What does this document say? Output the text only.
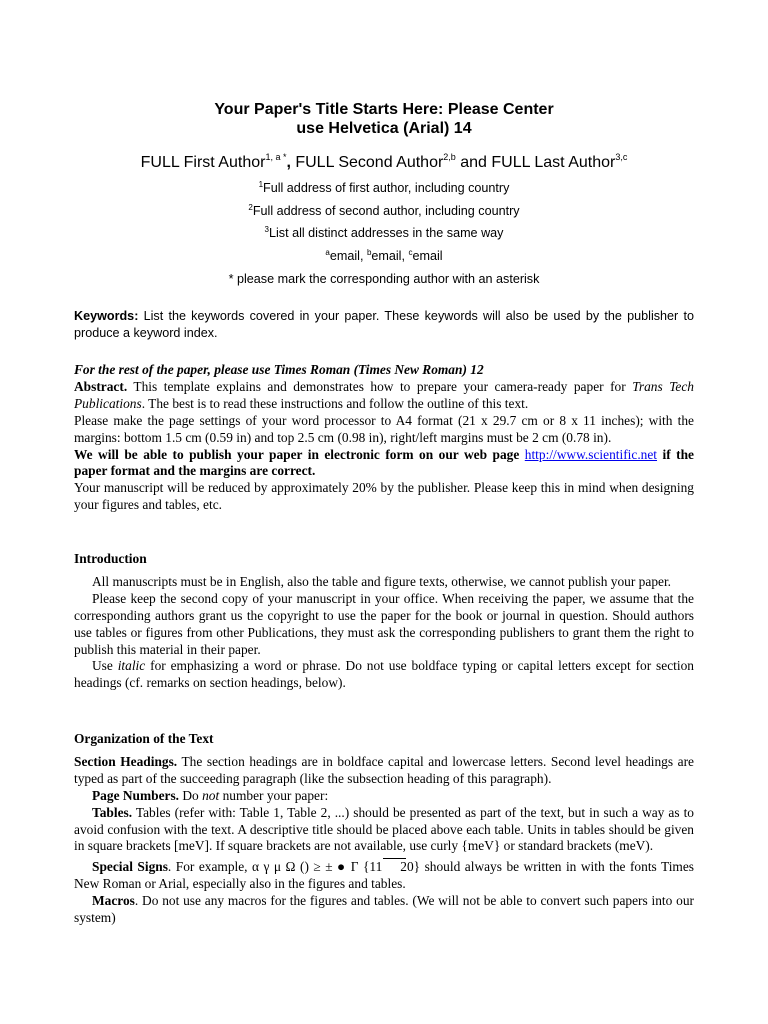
Your Paper's Title Starts Here: Please Center
use Helvetica (Arial) 14
FULL First Author$^{1, a *}$, FULL Second Author$^{2,b}$ and FULL Last Author$^{3,c}$
$^1$Full address of first author, including country
$^2$Full address of second author, including country
$^3$List all distinct addresses in the same way
$^a$email, $^b$email, $^c$email
* please mark the corresponding author with an asterisk
Keywords: List the keywords covered in your paper. These keywords will also be used by the publisher to produce a keyword index.
For the rest of the paper, please use Times Roman (Times New Roman) 12
Abstract. This template explains and demonstrates how to prepare your camera-ready paper for Trans Tech Publications. The best is to read these instructions and follow the outline of this text.
Please make the page settings of your word processor to A4 format (21 x 29.7 cm or 8 x 11 inches); with the margins: bottom 1.5 cm (0.59 in) and top 2.5 cm (0.98 in), right/left margins must be 2 cm (0.78 in).
We will be able to publish your paper in electronic form on our web page http://www.scientific.net if the paper format and the margins are correct.
Your manuscript will be reduced by approximately 20% by the publisher. Please keep this in mind when designing your figures and tables, etc.
Introduction
All manuscripts must be in English, also the table and figure texts, otherwise, we cannot publish your paper.
Please keep the second copy of your manuscript in your office. When receiving the paper, we assume that the corresponding authors grant us the copyright to use the paper for the book or journal in question. Should authors use tables or figures from other Publications, they must ask the corresponding publishers to grant them the right to publish this material in their paper.
Use italic for emphasizing a word or phrase. Do not use boldface typing or capital letters except for section headings (cf. remarks on section headings, below).
Organization of the Text
Section Headings. The section headings are in boldface capital and lowercase letters. Second level headings are typed as part of the succeeding paragraph (like the subsection heading of this paragraph).
Page Numbers. Do not number your paper:
Tables. Tables (refer with: Table 1, Table 2, ...) should be presented as part of the text, but in such a way as to avoid confusion with the text. A descriptive title should be placed above each table. Units in tables should be given in square brackets [meV]. If square brackets are not available, use curly {meV} or standard brackets (meV).
Special Signs. For example, α γ μ Ω () ≥ ± ● Γ {11 20} should always be written in with the fonts Times New Roman or Arial, especially also in the figures and tables.
Macros. Do not use any macros for the figures and tables. (We will not be able to convert such papers into our system)
